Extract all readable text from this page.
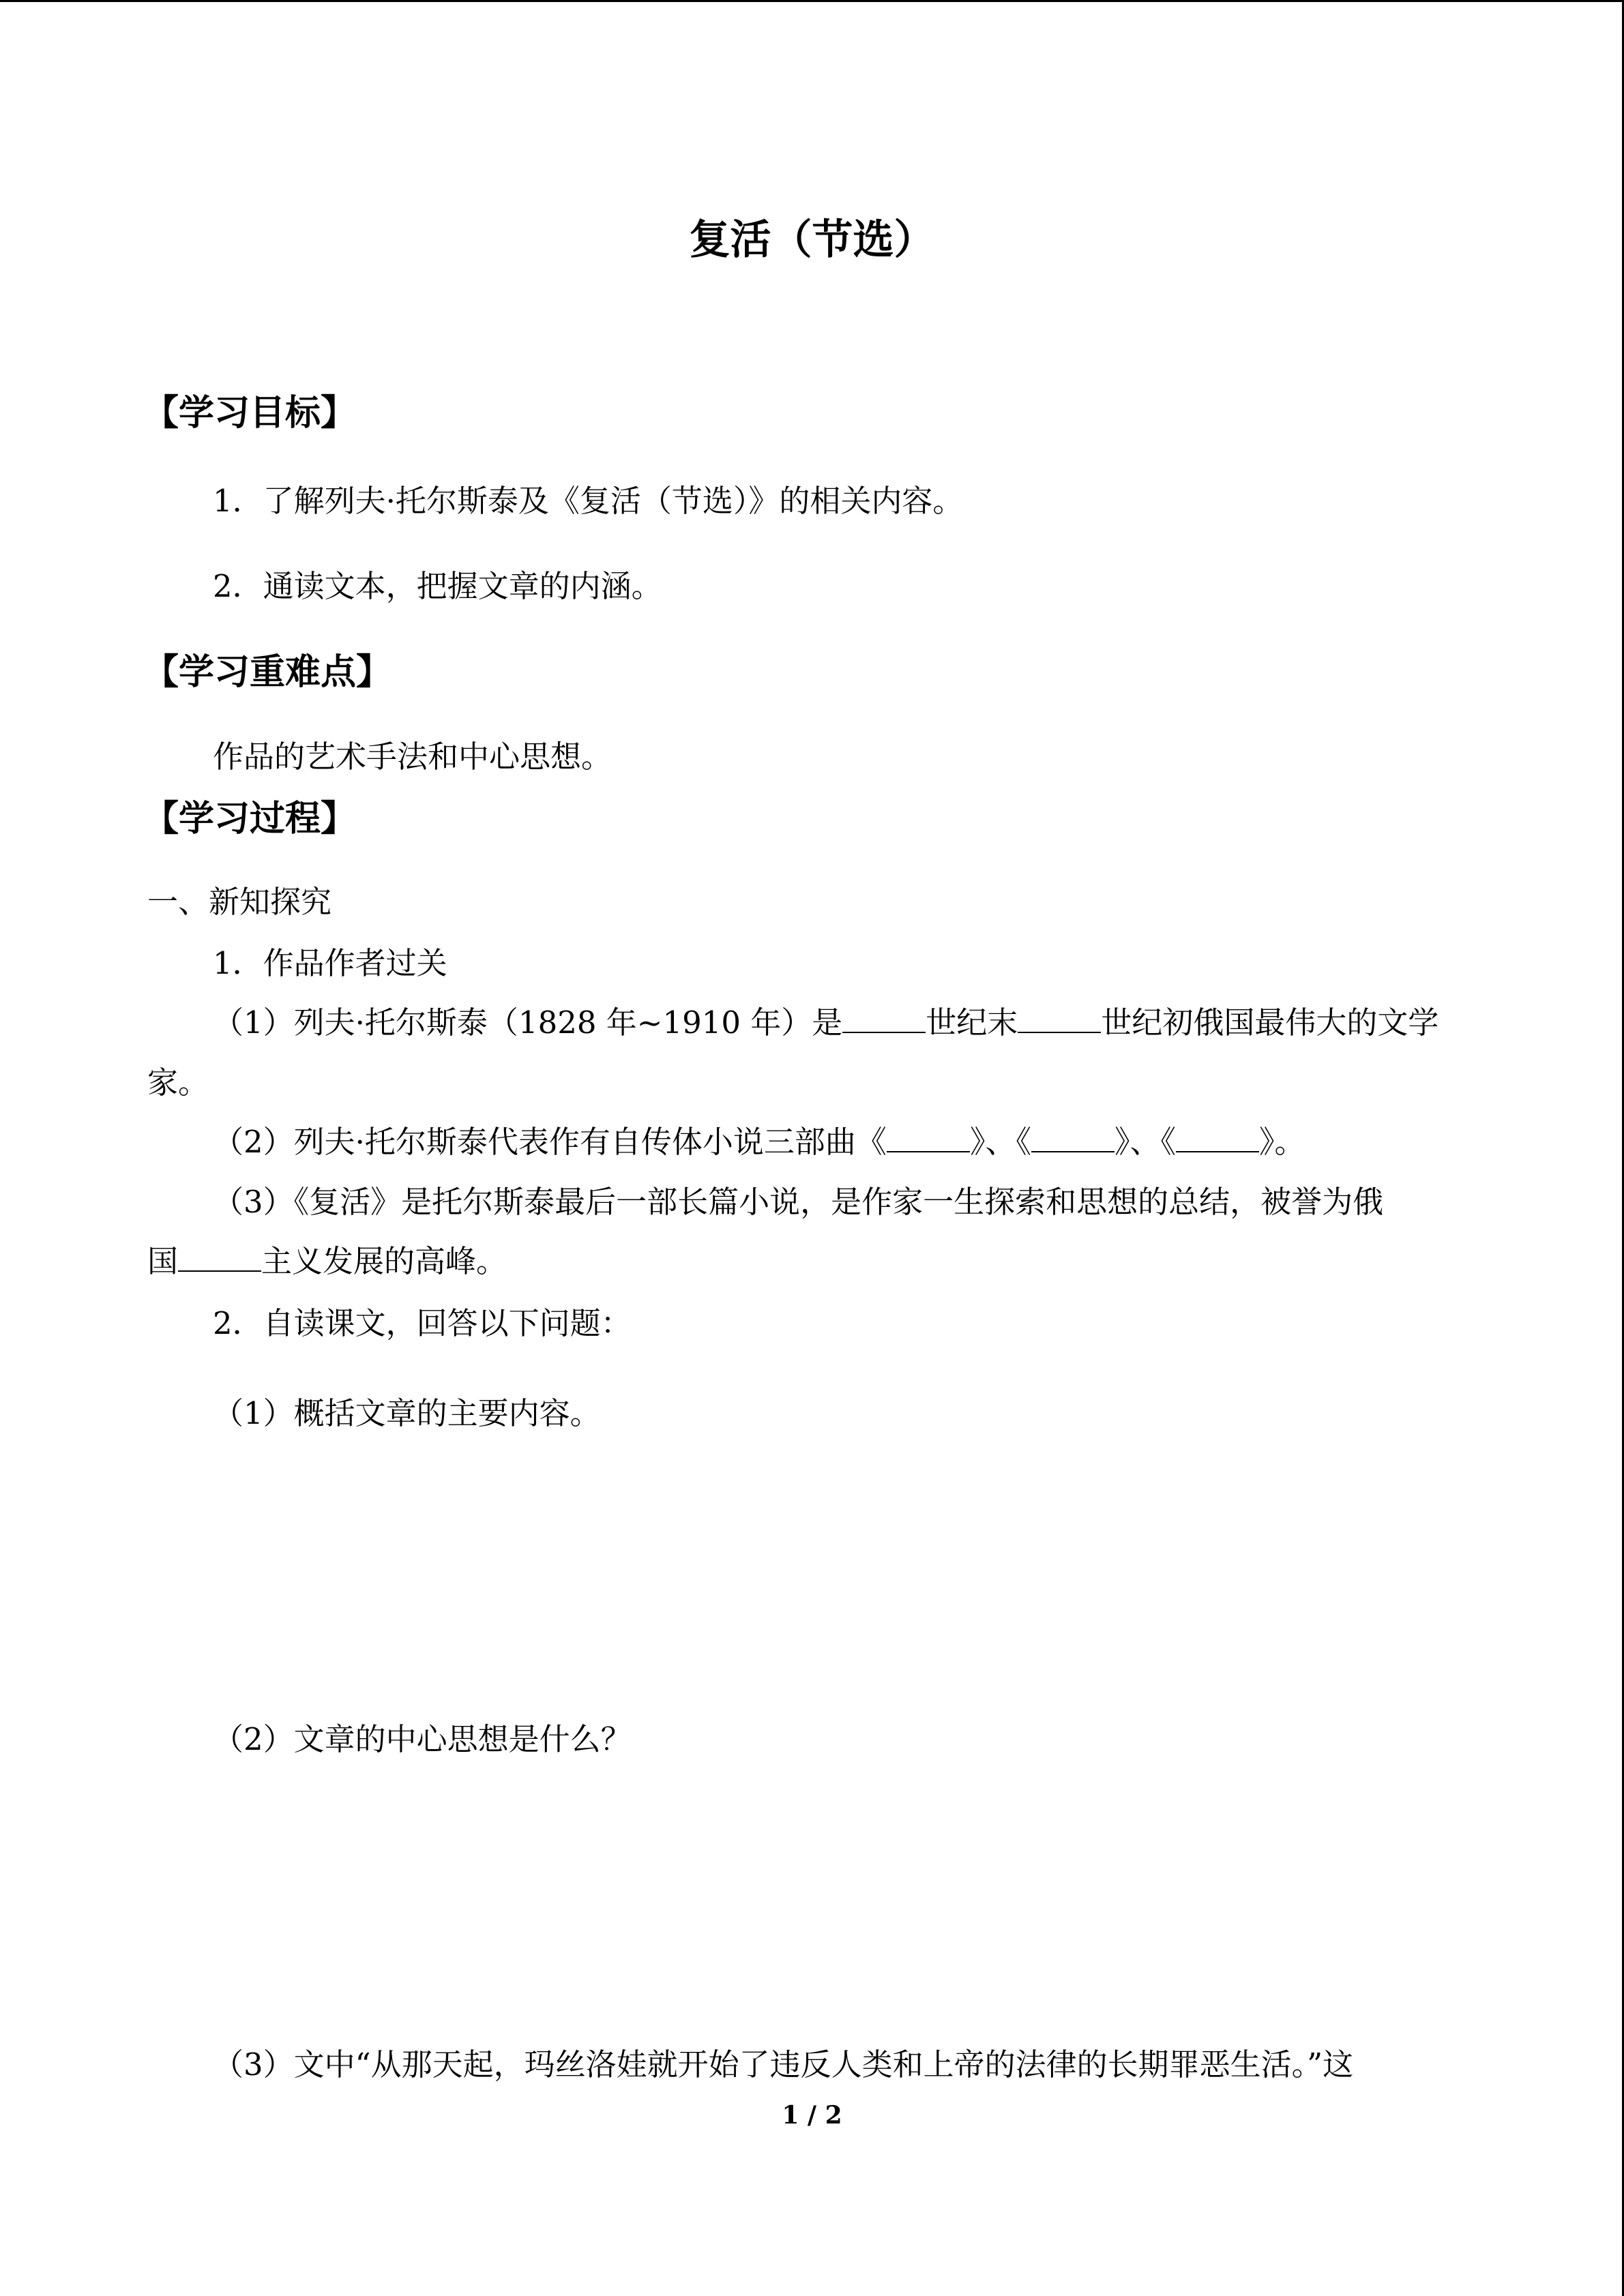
复活（节选）
【学习目标】
1．了解列夫·托尔斯泰及《复活（节选）》的相关内容。
2．通读文本，把握文章的内涵。
【学习重难点】
作品的艺术手法和中心思想。
【学习过程】
一、新知探究
1．作品作者过关
（1）列夫·托尔斯泰（1828 年~1910 年）是	世纪末	世纪初俄国最伟大的文学
家。
（2）列夫·托尔斯泰代表作有自传体小说三部曲《	》、《	》、《	》。
（3）《复活》是托尔斯泰最后一部长篇小说，是作家一生探索和思想的总结，被誉为俄
国	主义发展的高峰。
2．自读课文，回答以下问题：
（1）概括文章的主要内容。
（2）文章的中心思想是什么？
（3）文中“从那天起，玛丝洛娃就开始了违反人类和上帝的法律的长期罪恶生活。”这
1 / 2
